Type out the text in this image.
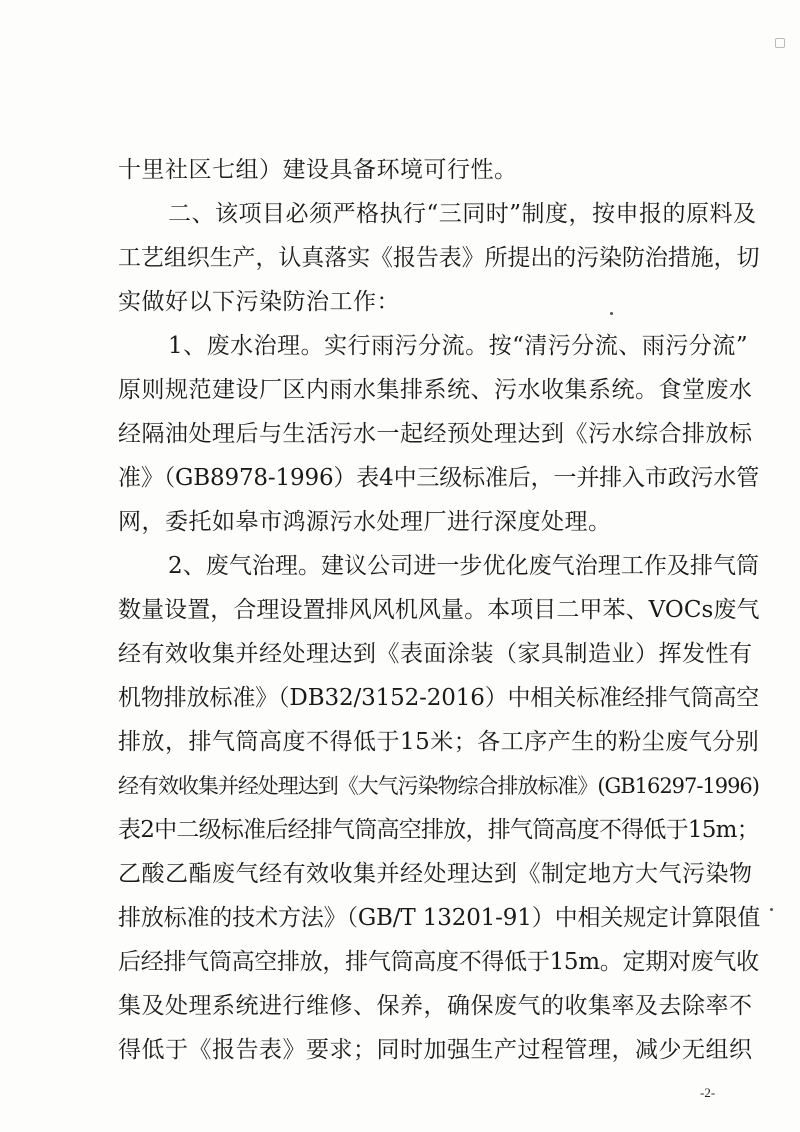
十里社区七组）建设具备环境可行性。
二、该项目必须严格执行“三同时”制度，按申报的原料及
工艺组织生产，认真落实《报告表》所提出的污染防治措施，切
实做好以下污染防治工作：
1、废水治理。实行雨污分流。按“清污分流、雨污分流”
原则规范建设厂区内雨水集排系统、污水收集系统。食堂废水
经隔油处理后与生活污水一起经预处理达到《污水综合排放标
准》（GB8978-1996）表4中三级标准后，一并排入市政污水管
网，委托如皋市鸿源污水处理厂进行深度处理。
2、废气治理。建议公司进一步优化废气治理工作及排气筒
数量设置，合理设置排风风机风量。本项目二甲苯、VOCs废气
经有效收集并经处理达到《表面涂装（家具制造业）挥发性有
机物排放标准》（DB32/3152-2016）中相关标准经排气筒高空
排放，排气筒高度不得低于15米；各工序产生的粉尘废气分别
经有效收集并经处理达到《大气污染物综合排放标准》(GB16297-1996)
表2中二级标准后经排气筒高空排放，排气筒高度不得低于15m；
乙酸乙酯废气经有效收集并经处理达到《制定地方大气污染物
排放标准的技术方法》（GB/T 13201-91）中相关规定计算限值
后经排气筒高空排放，排气筒高度不得低于15m。定期对废气收
集及处理系统进行维修、保养，确保废气的收集率及去除率不
得低于《报告表》要求；同时加强生产过程管理，减少无组织
-2-
